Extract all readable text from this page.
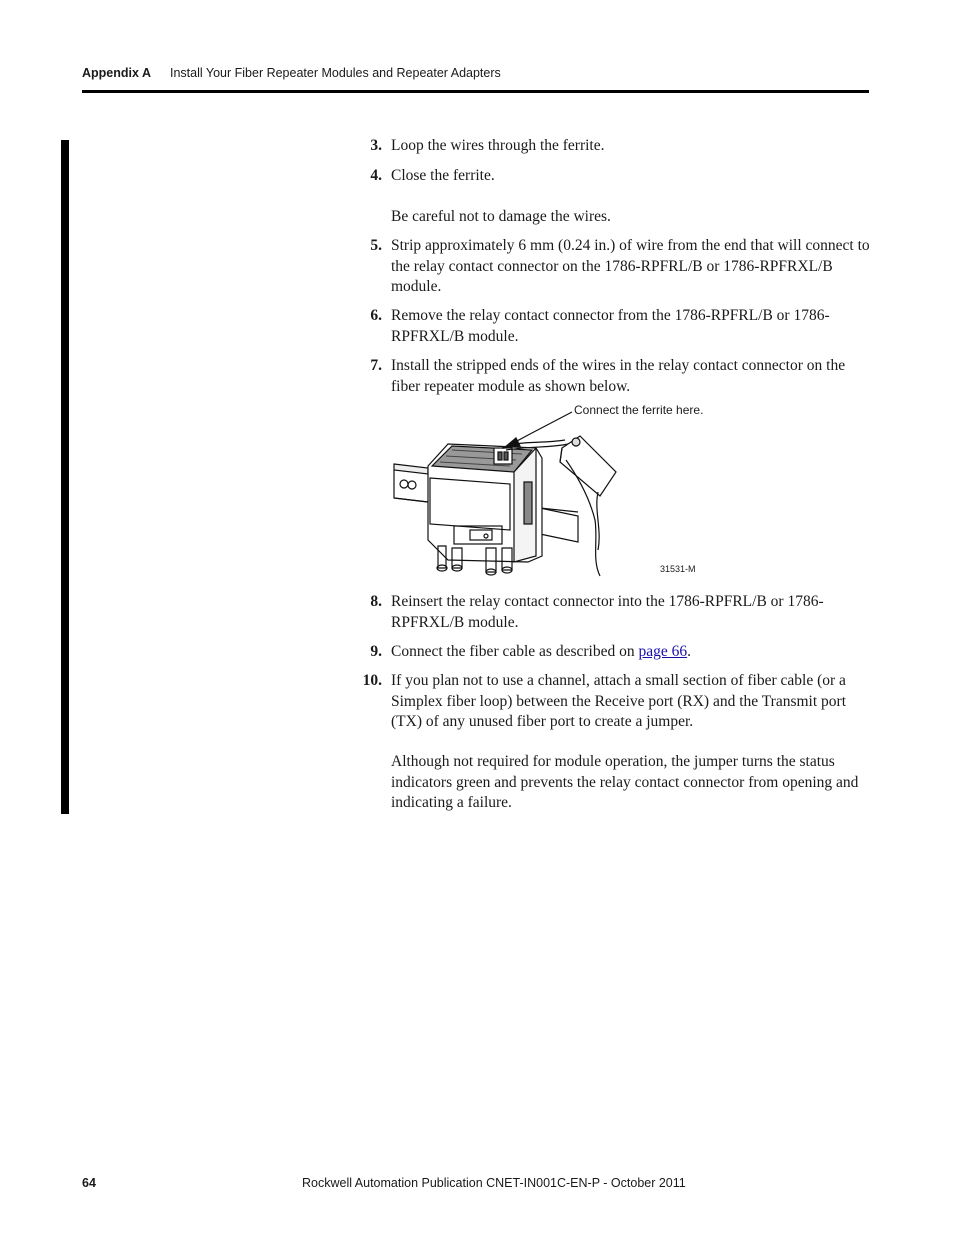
Appendix A Install Your Fiber Repeater Modules and Repeater Adapters
3. Loop the wires through the ferrite.
4. Close the ferrite.
Be careful not to damage the wires.
5. Strip approximately 6 mm (0.24 in.) of wire from the end that will connect to the relay contact connector on the 1786-RPFRL/B or 1786-RPFRXL/B module.
6. Remove the relay contact connector from the 1786-RPFRL/B or 1786-RPFRXL/B module.
7. Install the stripped ends of the wires in the relay contact connector on the fiber repeater module as shown below.
Connect the ferrite here.
31531-M
8. Reinsert the relay contact connector into the 1786-RPFRL/B or 1786-RPFRXL/B module.
9. Connect the fiber cable as described on page 66.
10. If you plan not to use a channel, attach a small section of fiber cable (or a Simplex fiber loop) between the Receive port (RX) and the Transmit port (TX) of any unused fiber port to create a jumper.
Although not required for module operation, the jumper turns the status indicators green and prevents the relay contact connector from opening and indicating a failure.
64	Rockwell Automation Publication CNET-IN001C-EN-P - October 2011
